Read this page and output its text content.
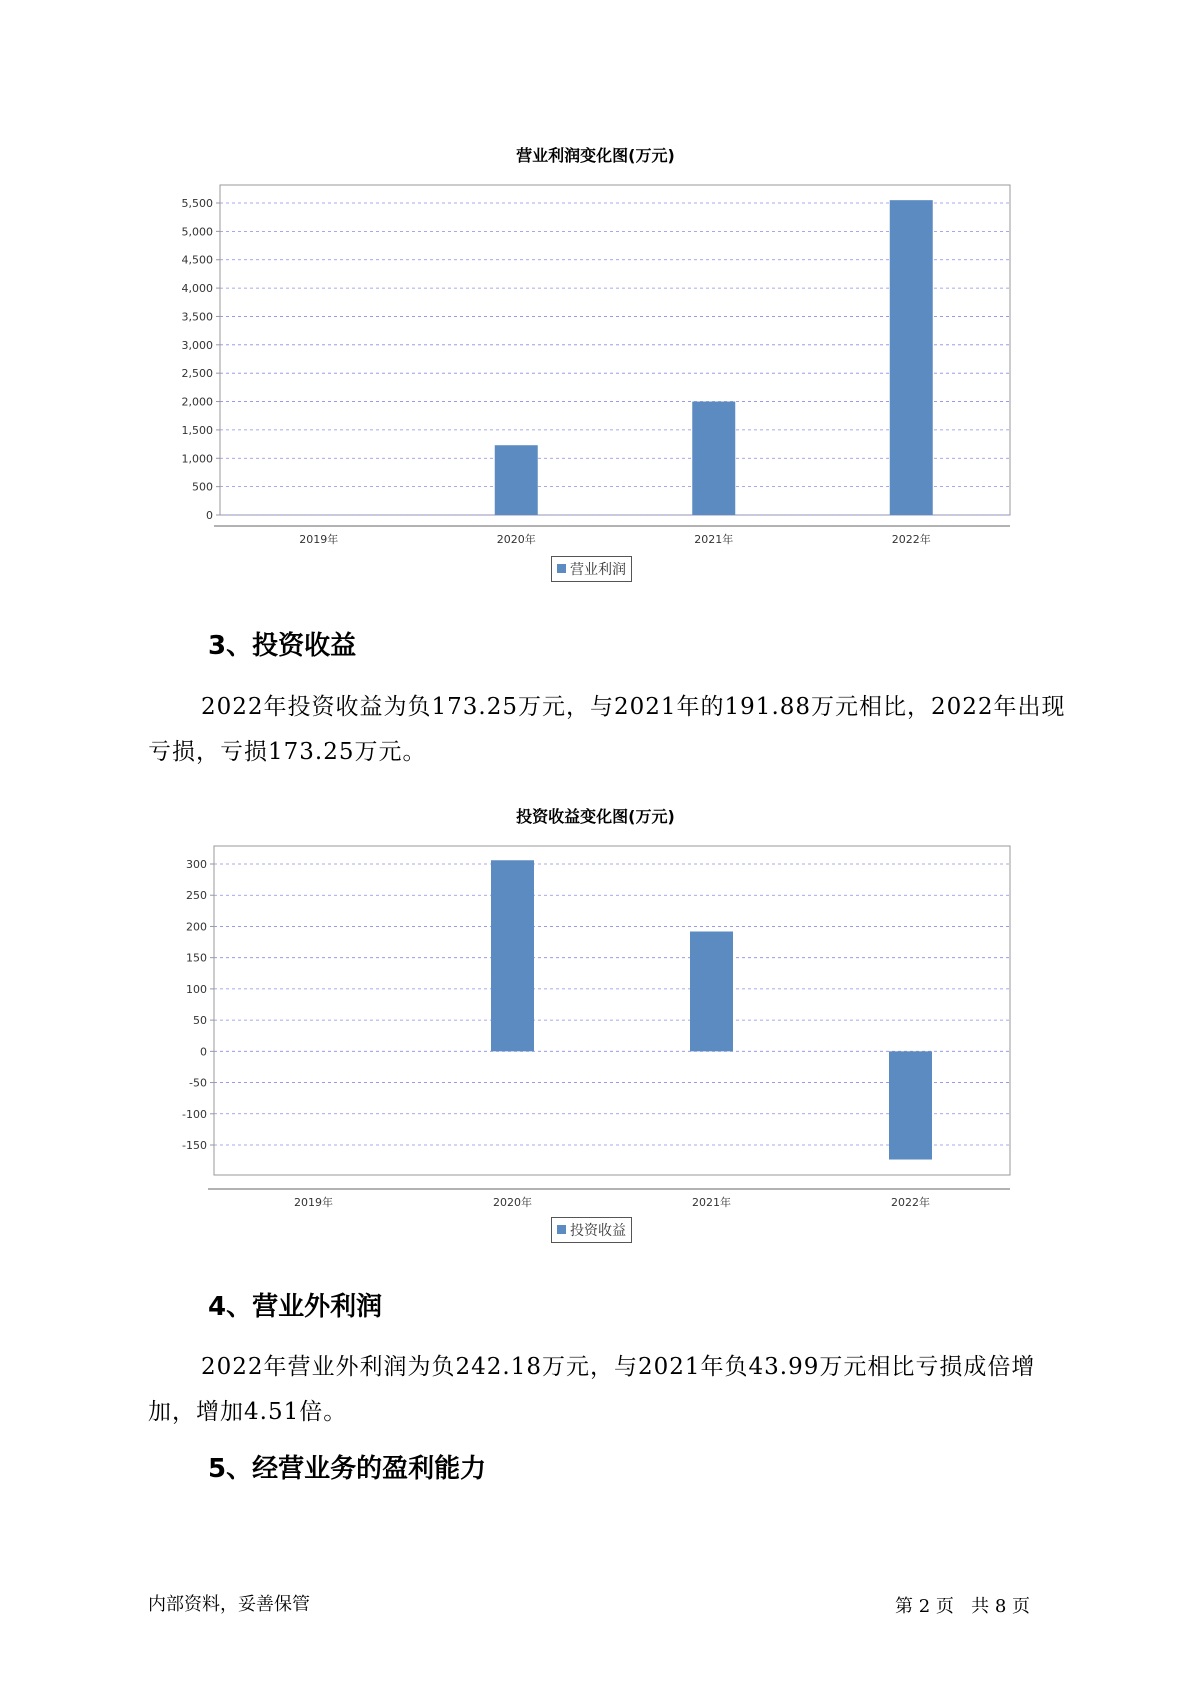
营业利润变化图(万元)
0
500
1,000
1,500
2,000
2,500
3,000
3,500
4,000
4,500
5,000
5,500
2019年	2020年	2021年	2022年
营业利润
3、投资收益
2022年投资收益为负173.25万元，与2021年的191.88万元相比，2022年出现亏损，亏损173.25万元。
投资收益变化图(万元)
-150
-100
-50
0
50
100
150
200
250
300
2019年	2020年	2021年	2022年
投资收益
4、营业外利润
2022年营业外利润为负242.18万元，与2021年负43.99万元相比亏损成倍增加，增加4.51倍。
5、经营业务的盈利能力
内部资料，妥善保管	第 2 页 共 8 页
